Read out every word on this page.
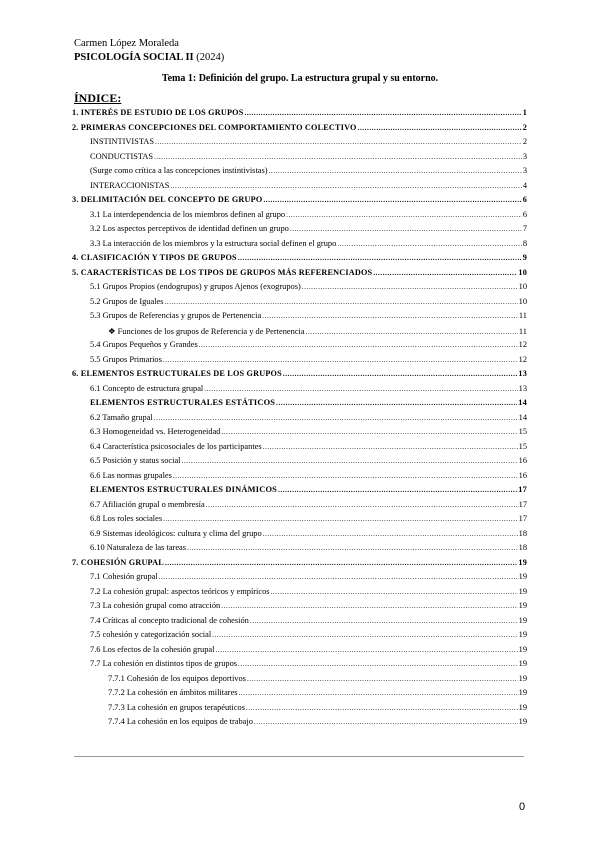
Carmen López Moraleda
PSICOLOGÍA SOCIAL II (2024)
Tema 1: Definición del grupo. La estructura grupal y su entorno.
ÍNDICE:
1. INTERÉS DE ESTUDIO DE LOS GRUPOS .....	1
2. PRIMERAS CONCEPCIONES DEL COMPORTAMIENTO COLECTIVO .....	2
INSTINTIVISTAS .....	2
CONDUCTISTAS .....	3
(Surge como crítica a las concepciones instintivistas) .....	3
INTERACCIONISTAS .....	4
3. DELIMITACIÓN DEL CONCEPTO DE GRUPO .....	6
3.1 La interdependencia de los miembros definen al grupo .....	6
3.2 Los aspectos perceptivos de identidad definen un grupo .....	7
3.3 La interacción de los miembros y la estructura social definen el grupo .....	8
4. CLASIFICACIÓN Y TIPOS DE GRUPOS .....	9
5. CARACTERÍSTICAS DE LOS TIPOS DE GRUPOS MÁS REFERENCIADOS .....	10
5.1 Grupos Propios (endogrupos) y grupos Ajenos (exogrupos) .....	10
5.2 Grupos de Iguales .....	10
5.3 Grupos de Referencias y grupos de Pertenencia .....	11
❖ Funciones de los grupos de Referencia y de Pertenencia .....	11
5.4 Grupos Pequeños y Grandes .....	12
5.5 Grupos Primarios .....	12
6. ELEMENTOS ESTRUCTURALES DE LOS GRUPOS .....	13
6.1 Concepto de estructura grupal .....	13
ELEMENTOS ESTRUCTURALES ESTÁTICOS .....	14
6.2 Tamaño grupal .....	14
6.3 Homogeneidad vs. Heterogeneidad .....	15
6.4 Característica psicosociales de los participantes .....	15
6.5 Posición y status social .....	16
6.6 Las normas grupales .....	16
ELEMENTOS ESTRUCTURALES DINÁMICOS .....	17
6.7 Afiliación grupal o membresía .....	17
6.8 Los roles sociales .....	17
6.9 Sistemas ideológicos: cultura y clima del grupo .....	18
6.10 Naturaleza de las tareas .....	18
7. COHESIÓN GRUPAL .....	19
7.1 Cohesión grupal .....	19
7.2 La cohesión grupal: aspectos teóricos y empíricos .....	19
7.3 La cohesión grupal como atracción .....	19
7.4 Críticas al concepto tradicional de cohesión .....	19
7.5 cohesión y categorización social .....	19
7.6 Los efectos de la cohesión grupal .....	19
7.7 La cohesión en distintos tipos de grupos .....	19
7.7.1 Cohesión de los equipos deportivos .....	19
7.7.2 La cohesión en ámbitos militares .....	19
7.7.3 La cohesión en grupos terapéuticos .....	19
7.7.4 La cohesión en los equipos de trabajo .....	19
0
